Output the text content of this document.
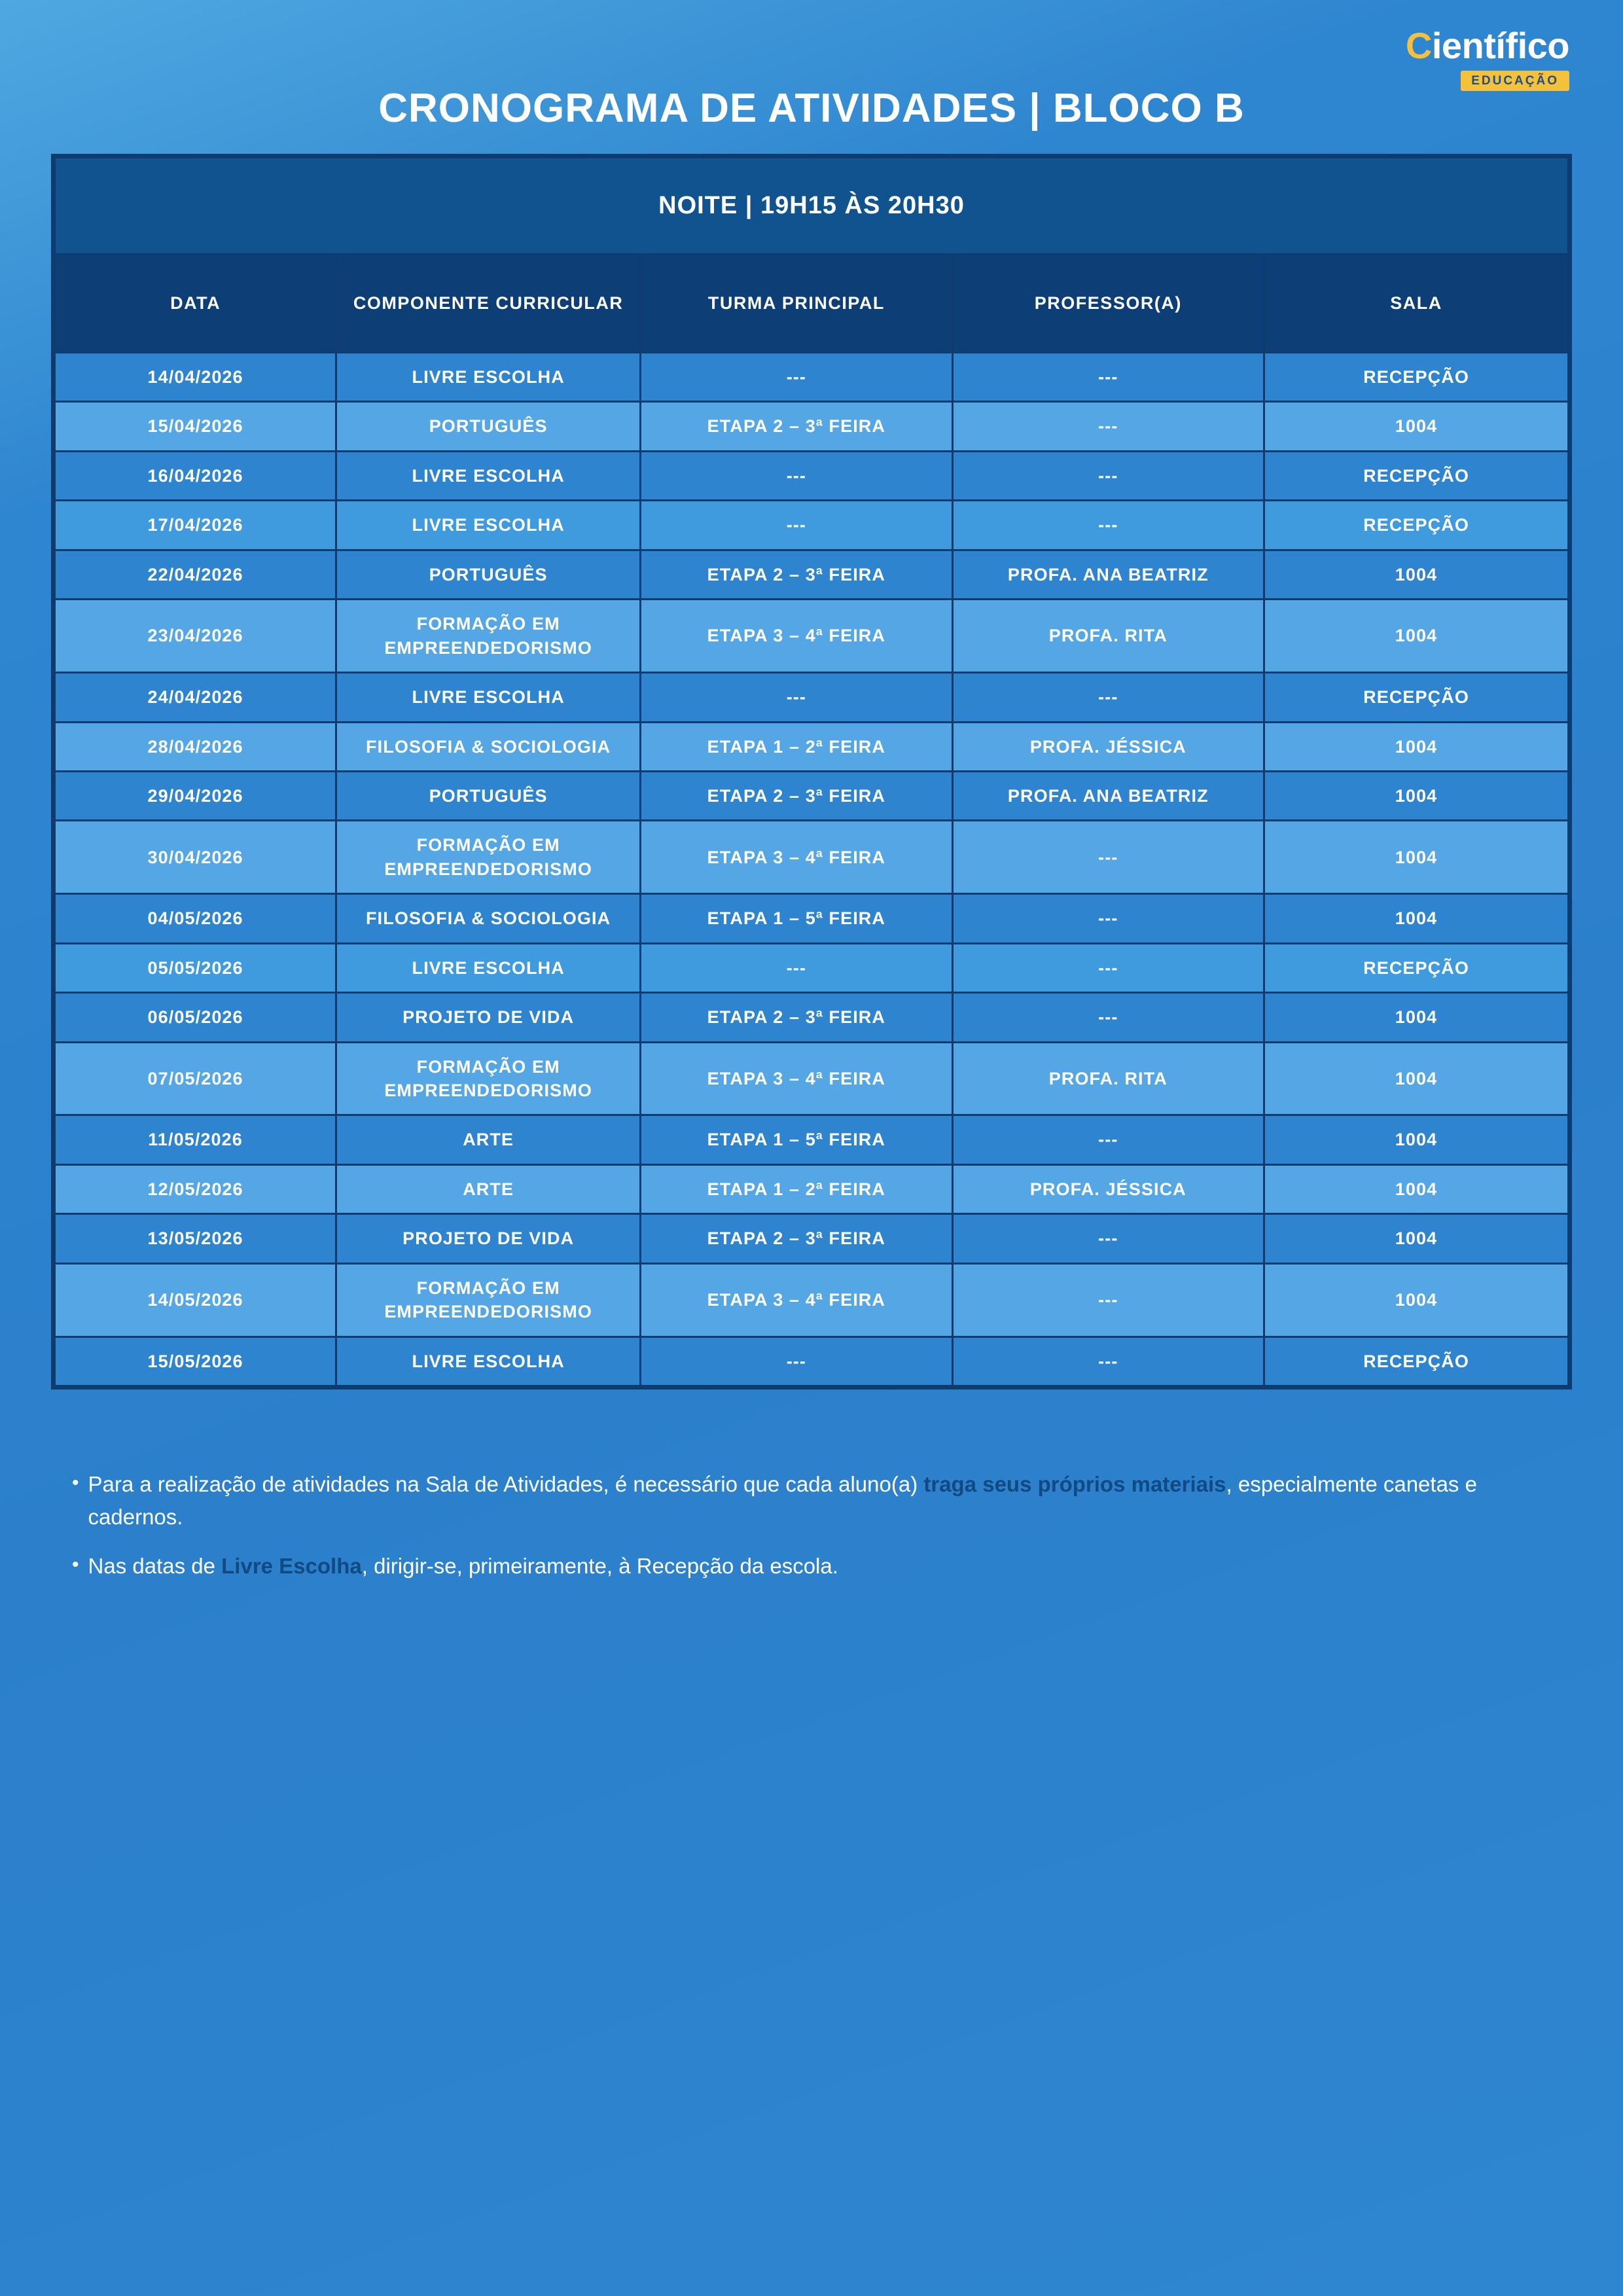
Científico
EDUCAÇÃO
CRONOGRAMA DE ATIVIDADES | BLOCO B
NOITE | 19H15 ÀS 20H30				
DATA	COMPONENTE CURRICULAR	TURMA PRINCIPAL	PROFESSOR(A)	SALA
14/04/2026	LIVRE ESCOLHA	---	---	RECEPÇÃO
15/04/2026	PORTUGUÊS	ETAPA 2 – 3ª FEIRA	---	1004
16/04/2026	LIVRE ESCOLHA	---	---	RECEPÇÃO
17/04/2026	LIVRE ESCOLHA	---	---	RECEPÇÃO
22/04/2026	PORTUGUÊS	ETAPA 2 – 3ª FEIRA	PROFA. ANA BEATRIZ	1004
23/04/2026	FORMAÇÃO EM EMPREENDEDORISMO	ETAPA 3 – 4ª FEIRA	PROFA. RITA	1004
24/04/2026	LIVRE ESCOLHA	---	---	RECEPÇÃO
28/04/2026	FILOSOFIA & SOCIOLOGIA	ETAPA 1 – 2ª FEIRA	PROFA. JÉSSICA	1004
29/04/2026	PORTUGUÊS	ETAPA 2 – 3ª FEIRA	PROFA. ANA BEATRIZ	1004
30/04/2026	FORMAÇÃO EM EMPREENDEDORISMO	ETAPA 3 – 4ª FEIRA	---	1004
04/05/2026	FILOSOFIA & SOCIOLOGIA	ETAPA 1 – 5ª FEIRA	---	1004
05/05/2026	LIVRE ESCOLHA	---	---	RECEPÇÃO
06/05/2026	PROJETO DE VIDA	ETAPA 2 – 3ª FEIRA	---	1004
07/05/2026	FORMAÇÃO EM EMPREENDEDORISMO	ETAPA 3 – 4ª FEIRA	PROFA. RITA	1004
11/05/2026	ARTE	ETAPA 1 – 5ª FEIRA	---	1004
12/05/2026	ARTE	ETAPA 1 – 2ª FEIRA	PROFA. JÉSSICA	1004
13/05/2026	PROJETO DE VIDA	ETAPA 2 – 3ª FEIRA	---	1004
14/05/2026	FORMAÇÃO EM EMPREENDEDORISMO	ETAPA 3 – 4ª FEIRA	---	1004
15/05/2026	LIVRE ESCOLHA	---	---	RECEPÇÃO
• Para a realização de atividades na Sala de Atividades, é necessário que cada aluno(a) traga seus próprios materiais, especialmente canetas e cadernos.
• Nas datas de Livre Escolha, dirigir-se, primeiramente, à Recepção da escola.
